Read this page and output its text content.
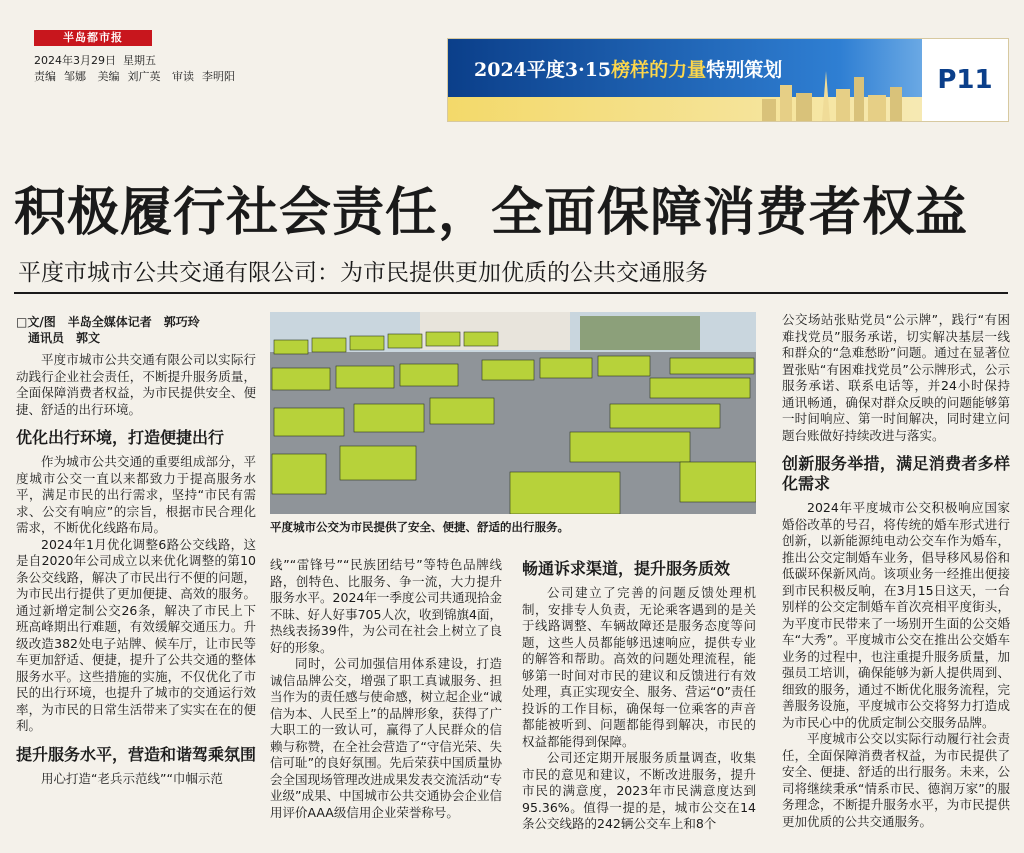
半岛都市报
2024年3月29日 星期五
责编 邹娜 美编 刘广英 审读 李明阳	2024平度3·15榜样的力量特别策划	P11
积极履行社会责任，全面保障消费者权益
平度市城市公共交通有限公司：为市民提供更加优质的公共交通服务
□文/图　半岛全媒体记者　郭巧玲
通讯员　郭文

平度市城市公共交通有限公司以实际行动践行企业社会责任，不断提升服务质量，全面保障消费者权益，为市民提供安全、便捷、舒适的出行环境。

优化出行环境，打造便捷出行

作为城市公共交通的重要组成部分，平度城市公交一直以来都致力于提高服务水平，满足市民的出行需求，坚持“市民有需求、公交有响应”的宗旨，根据市民合理化需求，不断优化线路布局。

2024年1月优化调整6路公交线路，这是自2020年公司成立以来优化调整的第10条公交线路，解决了市民出行不便的问题，为市民出行提供了更加便捷、高效的服务。通过新增定制公交26条，解决了市民上下班高峰期出行难题，有效缓解交通压力。升级改造382处电子站牌、候车厅，让市民等车更加舒适、便捷，提升了公共交通的整体服务水平。这些措施的实施，不仅优化了市民的出行环境，也提升了城市的交通运行效率，为市民的日常生活带来了实实在在的便利。

提升服务水平，营造和谐驾乘氛围

用心打造“老兵示范线”“巾帼示范

平度城市公交为市民提供了安全、便捷、舒适的出行服务。

线”“雷锋号”“民族团结号”等特色品牌线路，创特色、比服务、争一流，大力提升服务水平。2024年一季度公司共通现拾金不昧、好人好事705人次，收到锦旗4面，热线表扬39件，为公司在社会上树立了良好的形象。

同时，公司加强信用体系建设，打造诚信品牌公交，增强了职工真诚服务、担当作为的责任感与使命感，树立起企业“诚信为本、人民至上”的品牌形象，获得了广大职工的一致认可，赢得了人民群众的信赖与称赞，在全社会营造了“守信光荣、失信可耻”的良好氛围。先后荣获中国质量协会全国现场管理改进成果发表交流活动“专业级”成果、中国城市公共交通协会企业信用评价AAA级信用企业荣誉称号。

畅通诉求渠道，提升服务质效

公司建立了完善的问题反馈处理机制，安排专人负责，无论乘客遇到的是关于线路调整、车辆故障还是服务态度等问题，这些人员都能够迅速响应，提供专业的解答和帮助。高效的问题处理流程，能够第一时间对市民的建议和反馈进行有效处理，真正实现安全、服务、营运“0”责任投诉的工作目标，确保每一位乘客的声音都能被听到、问题都能得到解决，市民的权益都能得到保障。

公司还定期开展服务质量调查，收集市民的意见和建议，不断改进服务，提升市民的满意度，2023年市民满意度达到95.36%。值得一提的是，城市公交在14条公交线路的242辆公交车上和8个

公交场站张贴党员“公示牌”，践行“有困难找党员”服务承诺，切实解决基层一线和群众的“急难愁盼”问题。通过在显著位置张贴“有困难找党员”公示牌形式，公示服务承诺、联系电话等，并24小时保持通讯畅通，确保对群众反映的问题能够第一时间响应、第一时间解决，同时建立问题台账做好持续改进与落实。

创新服务举措，满足消费者多样化需求

2024年平度城市公交积极响应国家婚俗改革的号召，将传统的婚车形式进行创新，以新能源纯电动公交车作为婚车，推出公交定制婚车业务，倡导移风易俗和低碳环保新风尚。该项业务一经推出便接到市民积极反响，在3月15日这天，一台别样的公交定制婚车首次亮相平度街头，为平度市民带来了一场别开生面的公交婚车“大秀”。平度城市公交在推出公交婚车业务的过程中，也注重提升服务质量，加强员工培训，确保能够为新人提供周到、细致的服务，通过不断优化服务流程，完善服务设施，平度城市公交将努力打造成为市民心中的优质定制公交服务品牌。

平度城市公交以实际行动履行社会责任，全面保障消费者权益，为市民提供了安全、便捷、舒适的出行服务。未来，公司将继续秉承“情系市民、德润万家”的服务理念，不断提升服务水平，为市民提供更加优质的公共交通服务。
